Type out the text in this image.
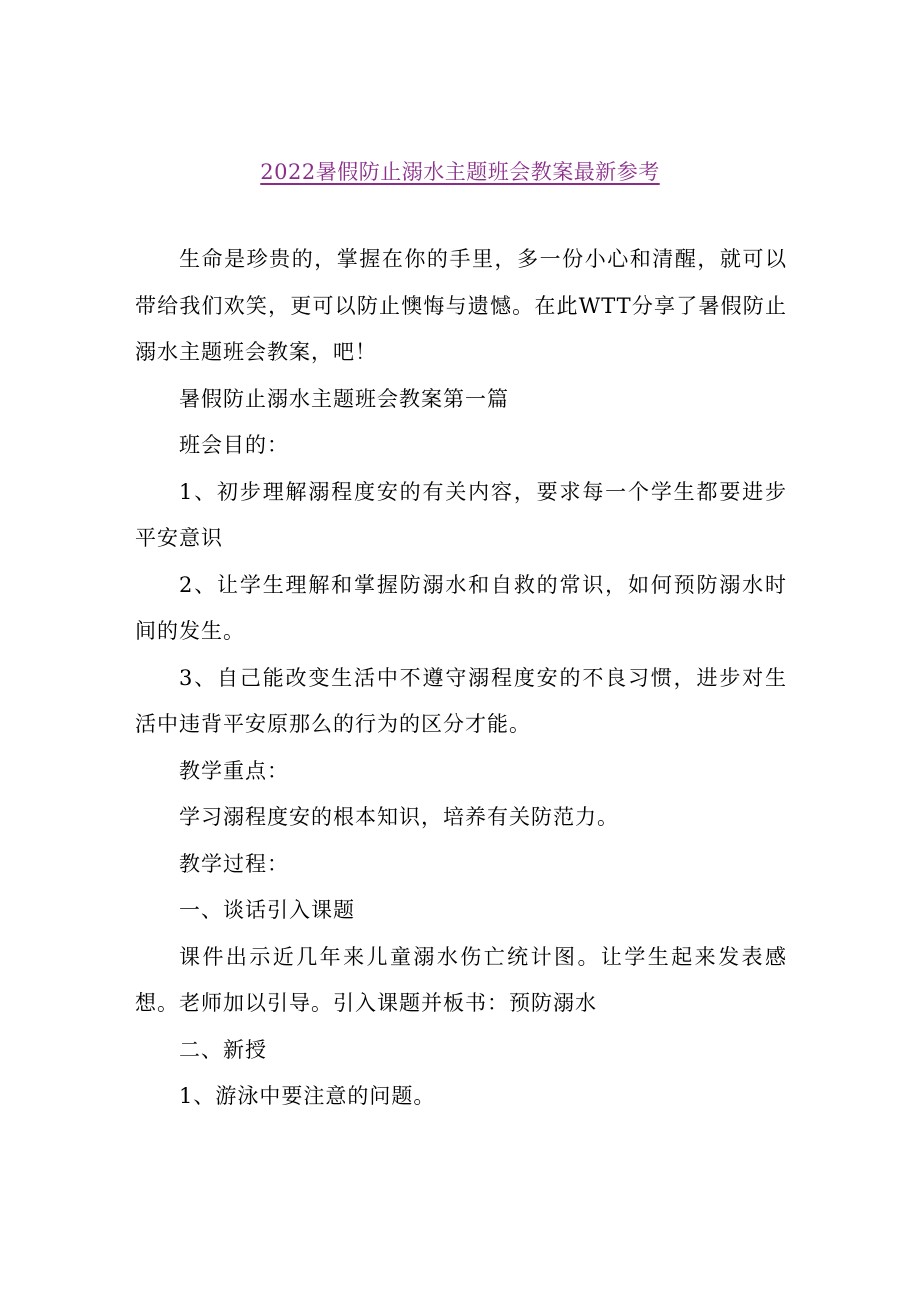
2022暑假防止溺水主题班会教案最新参考

生命是珍贵的，掌握在你的手里，多一份小心和清醒，就可以带给我们欢笑，更可以防止懊悔与遗憾。在此WTT分享了暑假防止溺水主题班会教案，吧！

暑假防止溺水主题班会教案第一篇

班会目的：

1、初步理解溺程度安的有关内容，要求每一个学生都要进步平安意识

2、让学生理解和掌握防溺水和自救的常识，如何预防溺水时间的发生。

3、自己能改变生活中不遵守溺程度安的不良习惯，进步对生活中违背平安原那么的行为的区分才能。

教学重点：

学习溺程度安的根本知识，培养有关防范力。

教学过程：

一、谈话引入课题

课件出示近几年来儿童溺水伤亡统计图。让学生起来发表感想。老师加以引导。引入课题并板书：预防溺水

二、新授

1、游泳中要注意的问题。
